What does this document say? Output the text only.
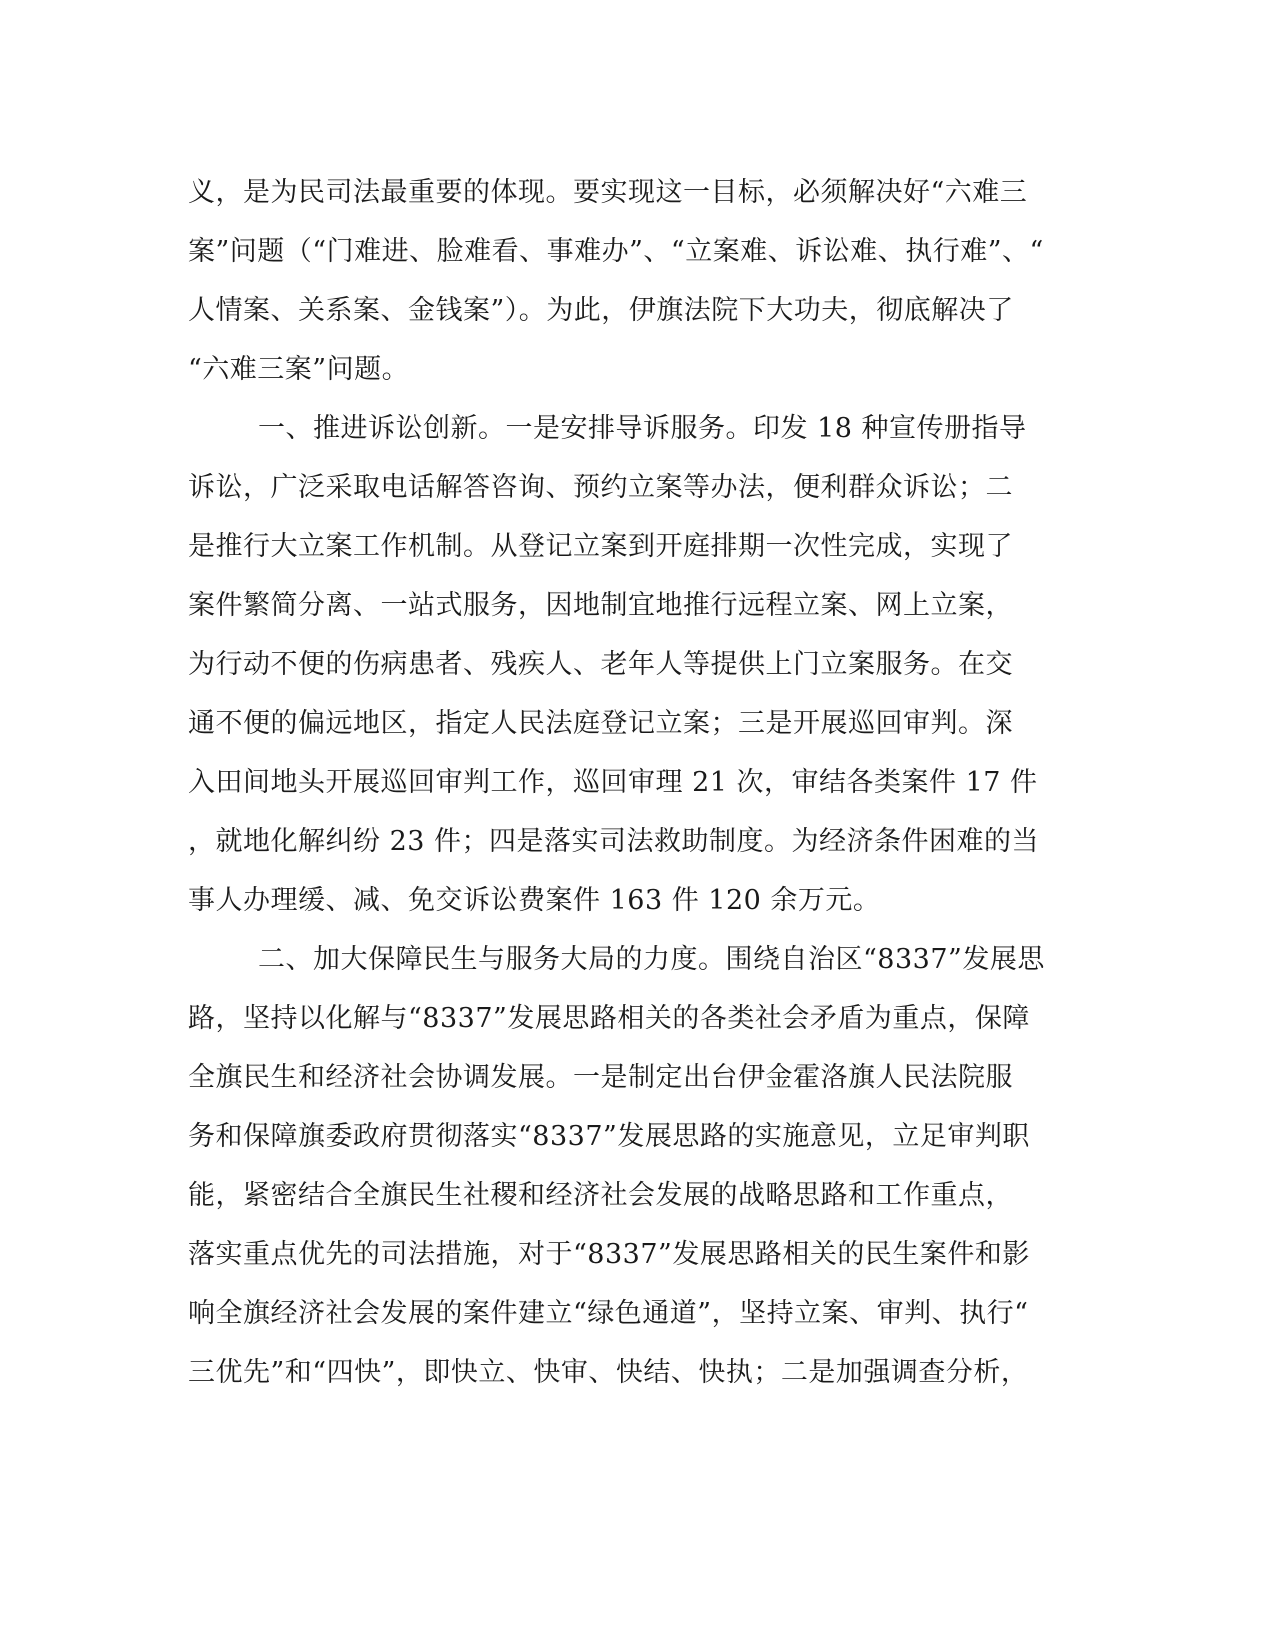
义，是为民司法最重要的体现。要实现这一目标，必须解决好“六难三
案”问题（“门难进、脸难看、事难办”、“立案难、诉讼难、执行难”、“
人情案、关系案、金钱案”）。为此，伊旗法院下大功夫，彻底解决了
“六难三案”问题。
一、推进诉讼创新。一是安排导诉服务。印发 18 种宣传册指导
诉讼，广泛采取电话解答咨询、预约立案等办法，便利群众诉讼；二
是推行大立案工作机制。从登记立案到开庭排期一次性完成，实现了
案件繁简分离、一站式服务，因地制宜地推行远程立案、网上立案，
为行动不便的伤病患者、残疾人、老年人等提供上门立案服务。在交
通不便的偏远地区，指定人民法庭登记立案；三是开展巡回审判。深
入田间地头开展巡回审判工作，巡回审理 21 次，审结各类案件 17 件
，就地化解纠纷 23 件；四是落实司法救助制度。为经济条件困难的当
事人办理缓、减、免交诉讼费案件 163 件 120 余万元。
二、加大保障民生与服务大局的力度。围绕自治区“8337”发展思
路，坚持以化解与“8337”发展思路相关的各类社会矛盾为重点，保障
全旗民生和经济社会协调发展。一是制定出台伊金霍洛旗人民法院服
务和保障旗委政府贯彻落实“8337”发展思路的实施意见，立足审判职
能，紧密结合全旗民生社稷和经济社会发展的战略思路和工作重点，
落实重点优先的司法措施，对于“8337”发展思路相关的民生案件和影
响全旗经济社会发展的案件建立“绿色通道”，坚持立案、审判、执行“
三优先”和“四快”，即快立、快审、快结、快执；二是加强调查分析，
